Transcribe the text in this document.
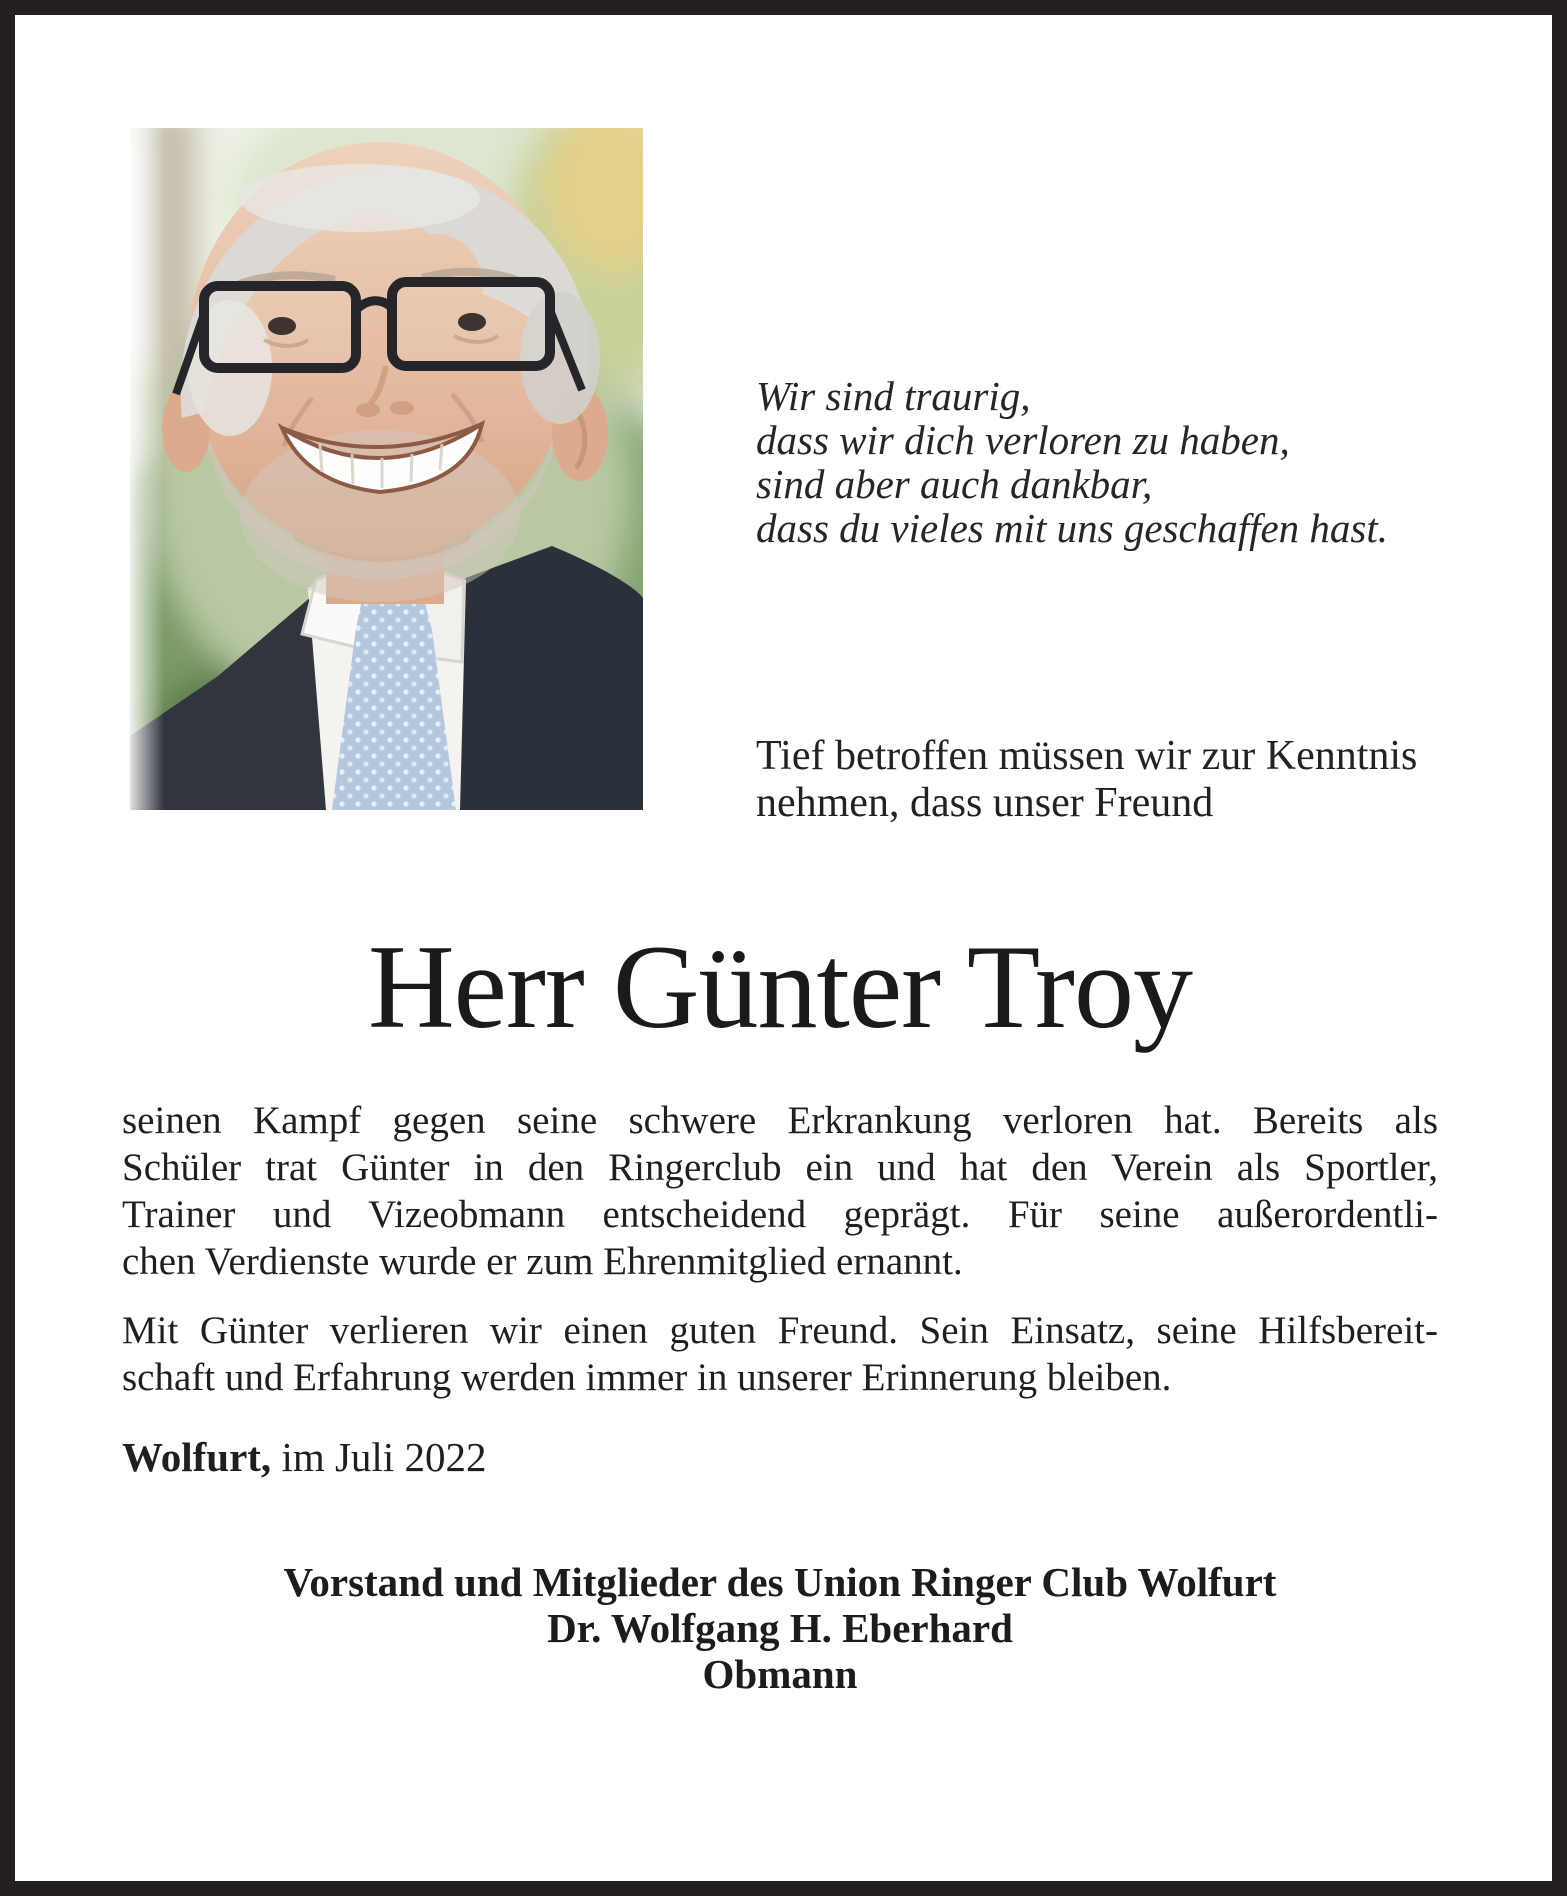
Wir sind traurig,
dass wir dich verloren zu haben,
sind aber auch dankbar,
dass du vieles mit uns geschaffen hast.
Tief betroffen müssen wir zur Kenntnis
nehmen, dass unser Freund
Herr Günter Troy
seinen Kampf gegen seine schwere Erkrankung verloren hat. Bereits als
Schüler trat Günter in den Ringerclub ein und hat den Verein als Sportler,
Trainer und Vizeobmann entscheidend geprägt. Für seine außerordentli-
chen Verdienste wurde er zum Ehrenmitglied ernannt.
Mit Günter verlieren wir einen guten Freund. Sein Einsatz, seine Hilfsbereit-
schaft und Erfahrung werden immer in unserer Erinnerung bleiben.
Wolfurt, im Juli 2022
Vorstand und Mitglieder des Union Ringer Club Wolfurt
Dr. Wolfgang H. Eberhard
Obmann
